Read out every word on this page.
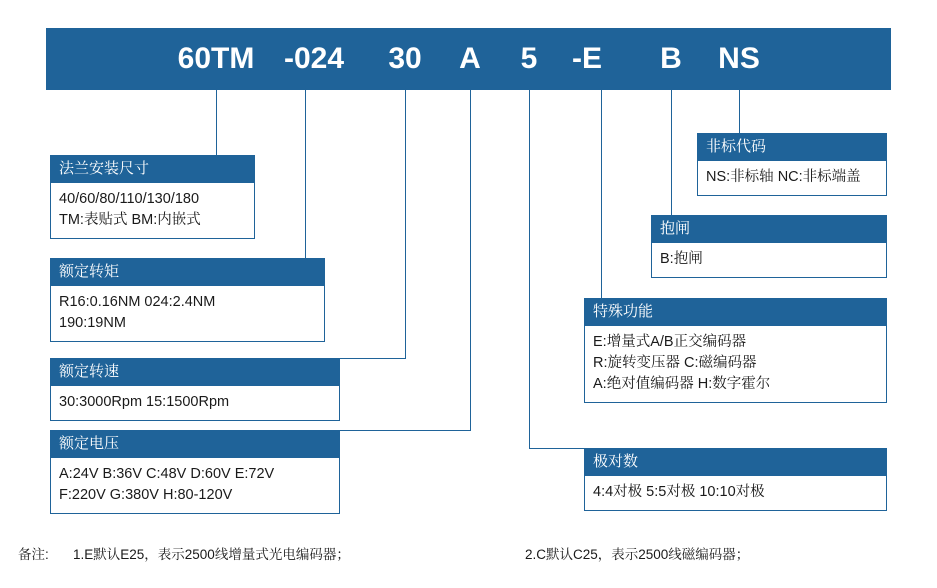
60TM -024	30	A	5	-E	B	NS
法兰安装尺寸
40/60/80/110/130/180
TM:表贴式 BM:内嵌式
额定转矩
R16:0.16NM 024:2.4NM
190:19NM
额定转速
30:3000Rpm 15:1500Rpm
额定电压
A:24V B:36V C:48V D:60V E:72V
F:220V G:380V H:80-120V
非标代码
NS:非标轴 NC:非标端盖
抱闸
B:抱闸
特殊功能
E:增量式A/B正交编码器
R:旋转变压器 C:磁编码器
A:绝对值编码器 H:数字霍尔
极对数
4:4对极 5:5对极 10:10对极
备注: 1.E默认E25，表示2500线增量式光电编码器；	2.C默认C25，表示2500线磁编码器；
